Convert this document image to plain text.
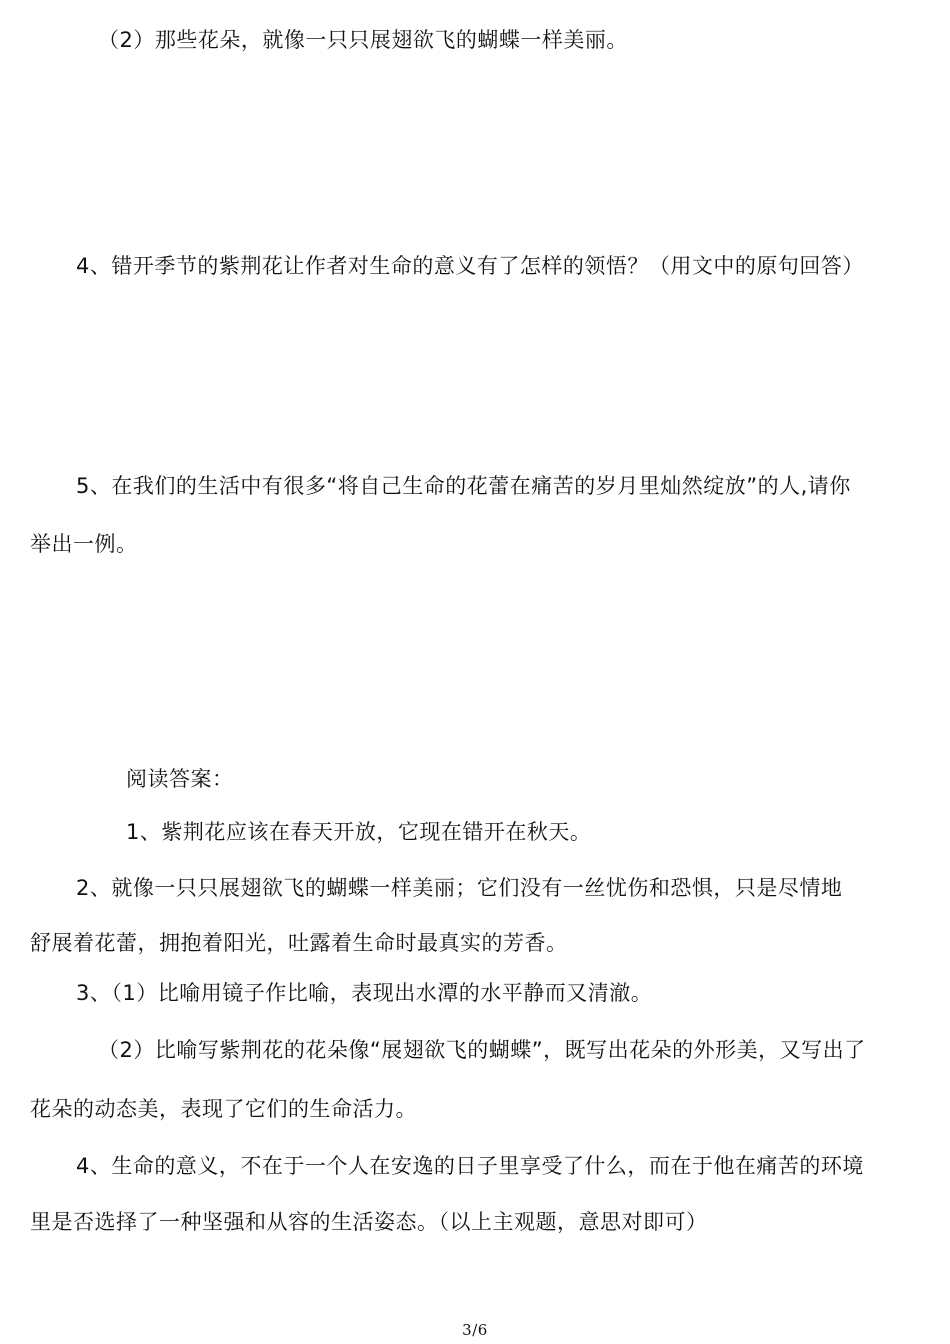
（2）那些花朵，就像一只只展翅欲飞的蝴蝶一样美丽。
4、错开季节的紫荆花让作者对生命的意义有了怎样的领悟？（用文中的原句回答）
5、在我们的生活中有很多“将自己生命的花蕾在痛苦的岁月里灿然绽放”的人,请你
举出一例。
阅读答案：
1、紫荆花应该在春天开放，它现在错开在秋天。
2、就像一只只展翅欲飞的蝴蝶一样美丽；它们没有一丝忧伤和恐惧，只是尽情地
舒展着花蕾，拥抱着阳光，吐露着生命时最真实的芳香。
3、（1）比喻用镜子作比喻，表现出水潭的水平静而又清澈。
（2）比喻写紫荆花的花朵像“展翅欲飞的蝴蝶”，既写出花朵的外形美，又写出了
花朵的动态美，表现了它们的生命活力。
4、生命的意义，不在于一个人在安逸的日子里享受了什么，而在于他在痛苦的环境
里是否选择了一种坚强和从容的生活姿态。（以上主观题，意思对即可）
3/6
